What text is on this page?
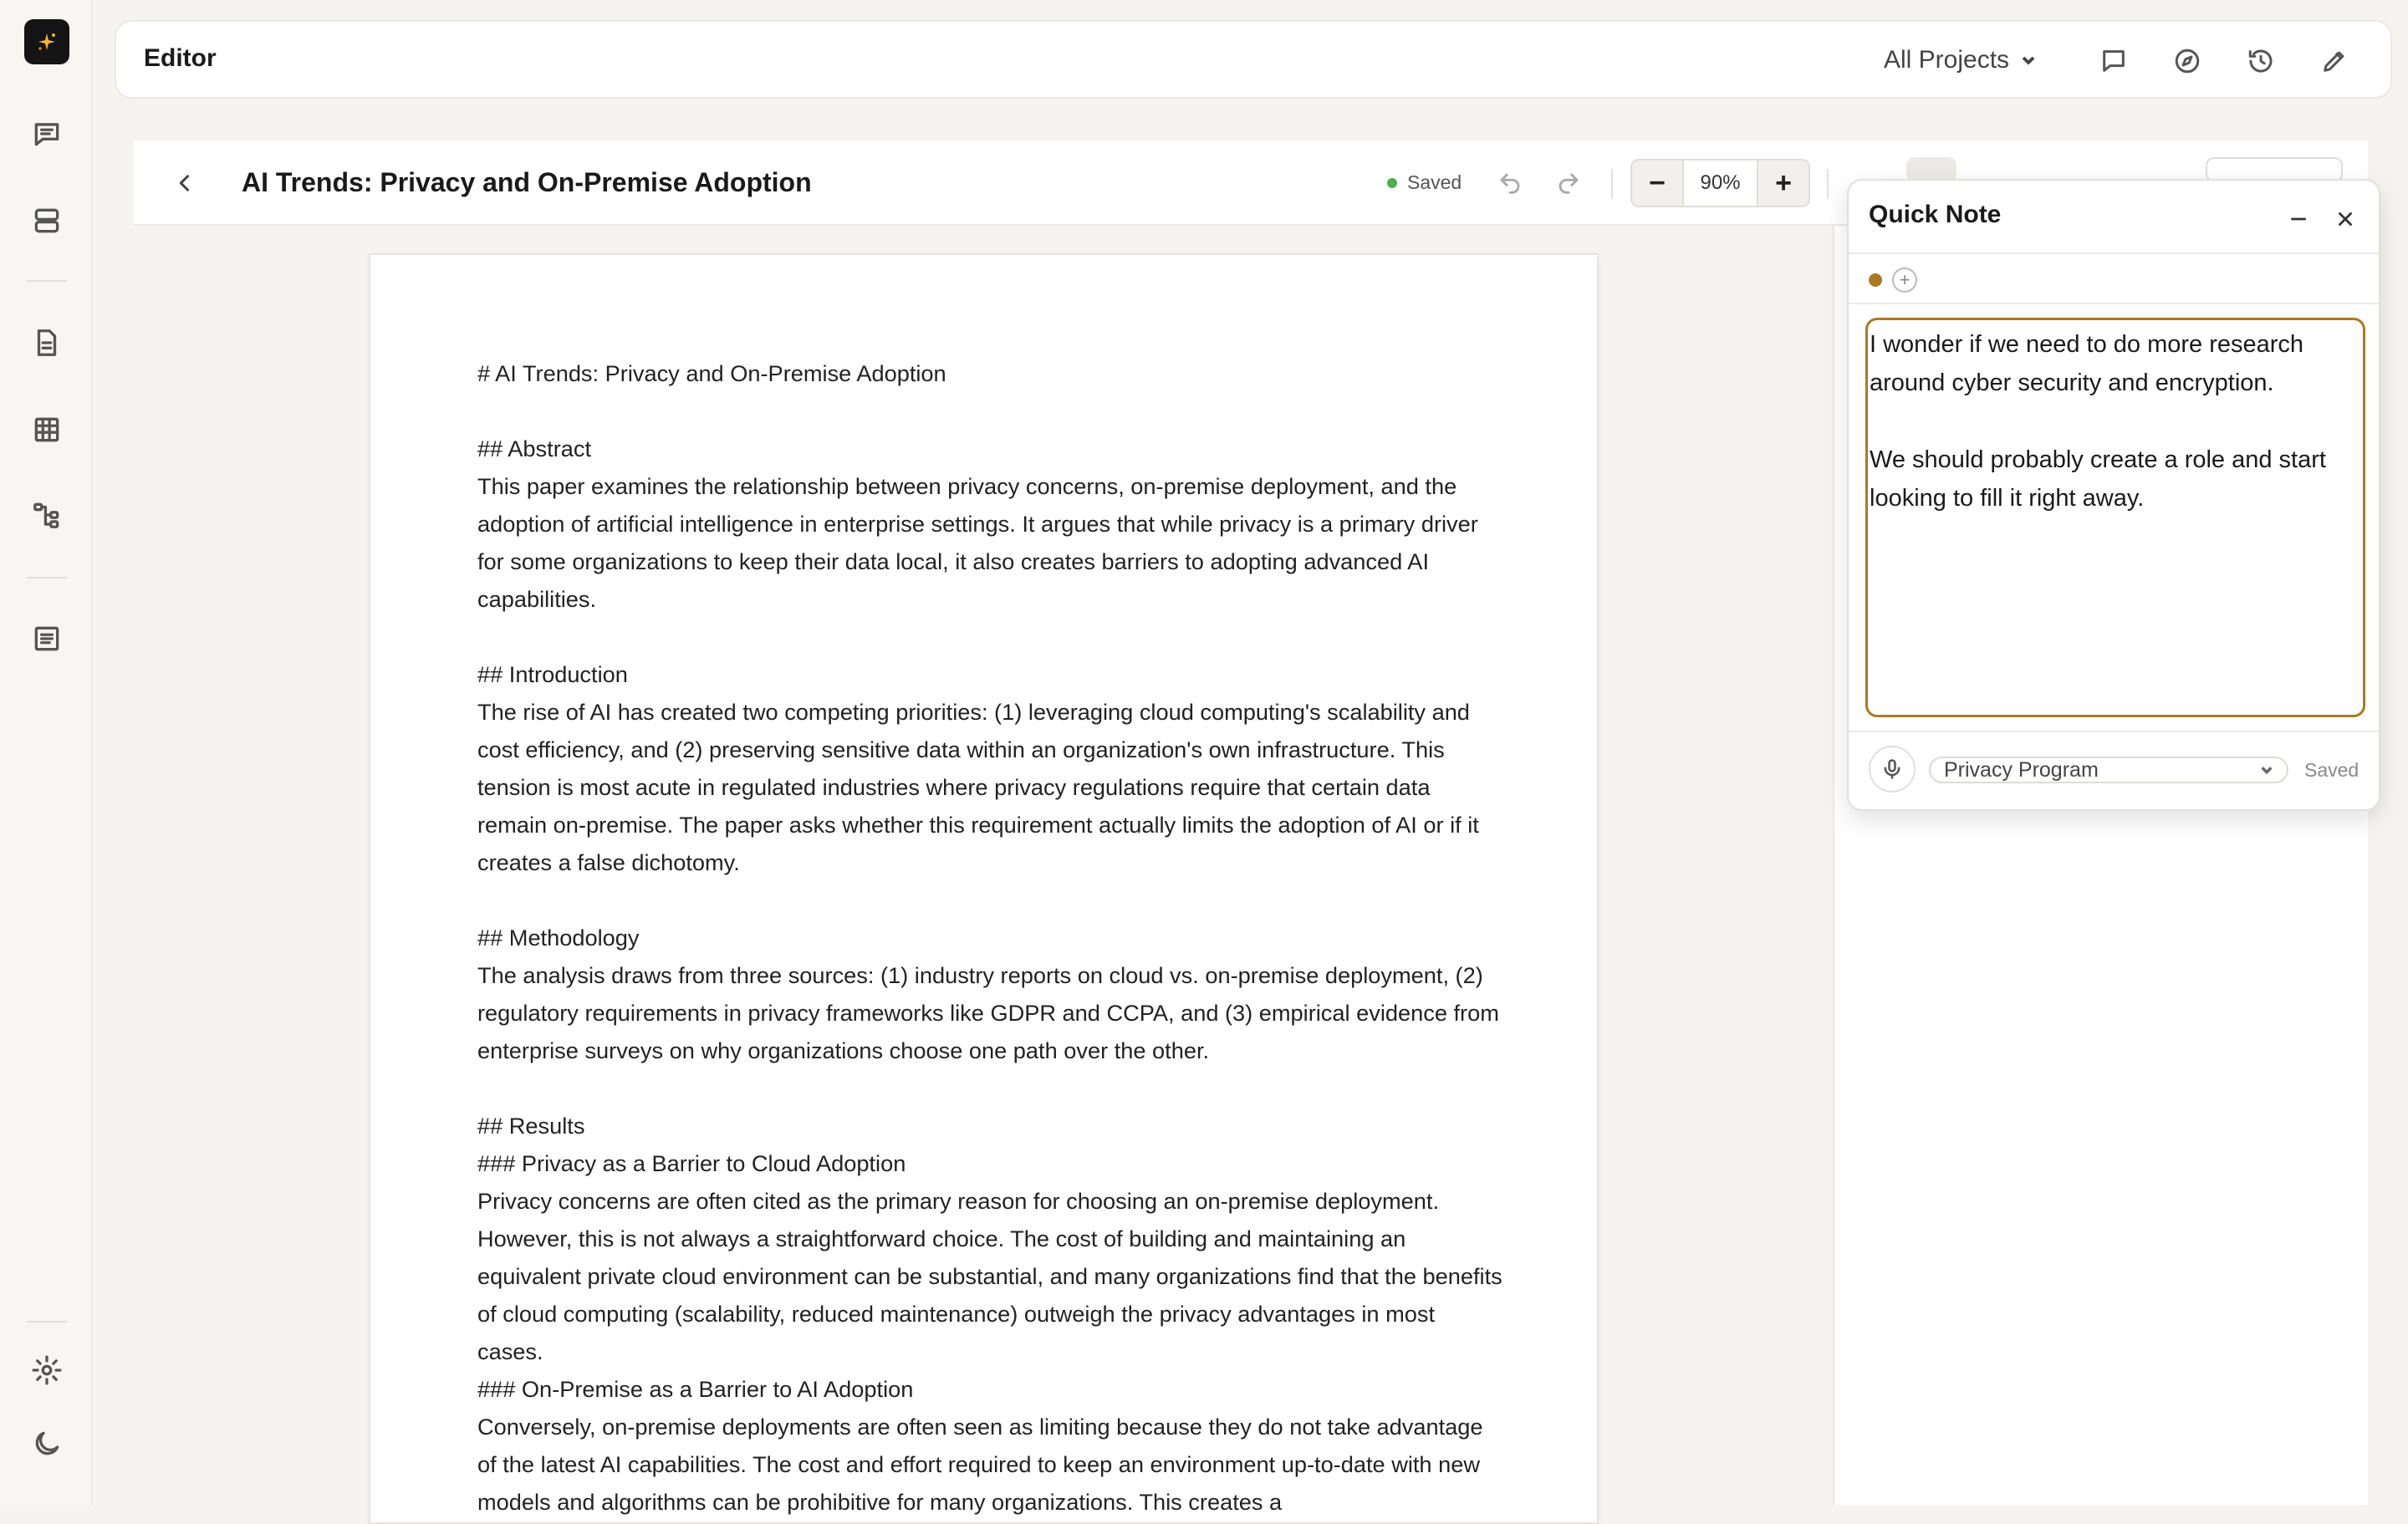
Editor	All Projects
AI Trends: Privacy and On-Premise Adoption	Saved	−	90%	+

# AI Trends: Privacy and On-Premise Adoption

## Abstract

This paper examines the relationship between privacy concerns, on-premise deployment, and the adoption of artificial intelligence in enterprise settings. It argues that while privacy is a primary driver for some organizations to keep their data local, it also creates barriers to adopting advanced AI capabilities.

## Introduction

The rise of AI has created two competing priorities: (1) leveraging cloud computing's scalability and cost efficiency, and (2) preserving sensitive data within an organization's own infrastructure. This tension is most acute in regulated industries where privacy regulations require that certain data remain on-premise. The paper asks whether this requirement actually limits the adoption of AI or if it creates a false dichotomy.

## Methodology

The analysis draws from three sources: (1) industry reports on cloud vs. on-premise deployment, (2) regulatory requirements in privacy frameworks like GDPR and CCPA, and (3) empirical evidence from enterprise surveys on why organizations choose one path over the other.

## Results

### Privacy as a Barrier to Cloud Adoption

Privacy concerns are often cited as the primary reason for choosing an on-premise deployment. However, this is not always a straightforward choice. The cost of building and maintaining an equivalent private cloud environment can be substantial, and many organizations find that the benefits of cloud computing (scalability, reduced maintenance) outweigh the privacy advantages in most cases.

### On-Premise as a Barrier to AI Adoption

Conversely, on-premise deployments are often seen as limiting because they do not take advantage of the latest AI capabilities. The cost and effort required to keep an environment up-to-date with new models and algorithms can be prohibitive for many organizations. This creates a

Quick Note
+
I wonder if we need to do more research around cyber security and encryption.

We should probably create a role and start looking to fill it right away.
Privacy Program	Saved
